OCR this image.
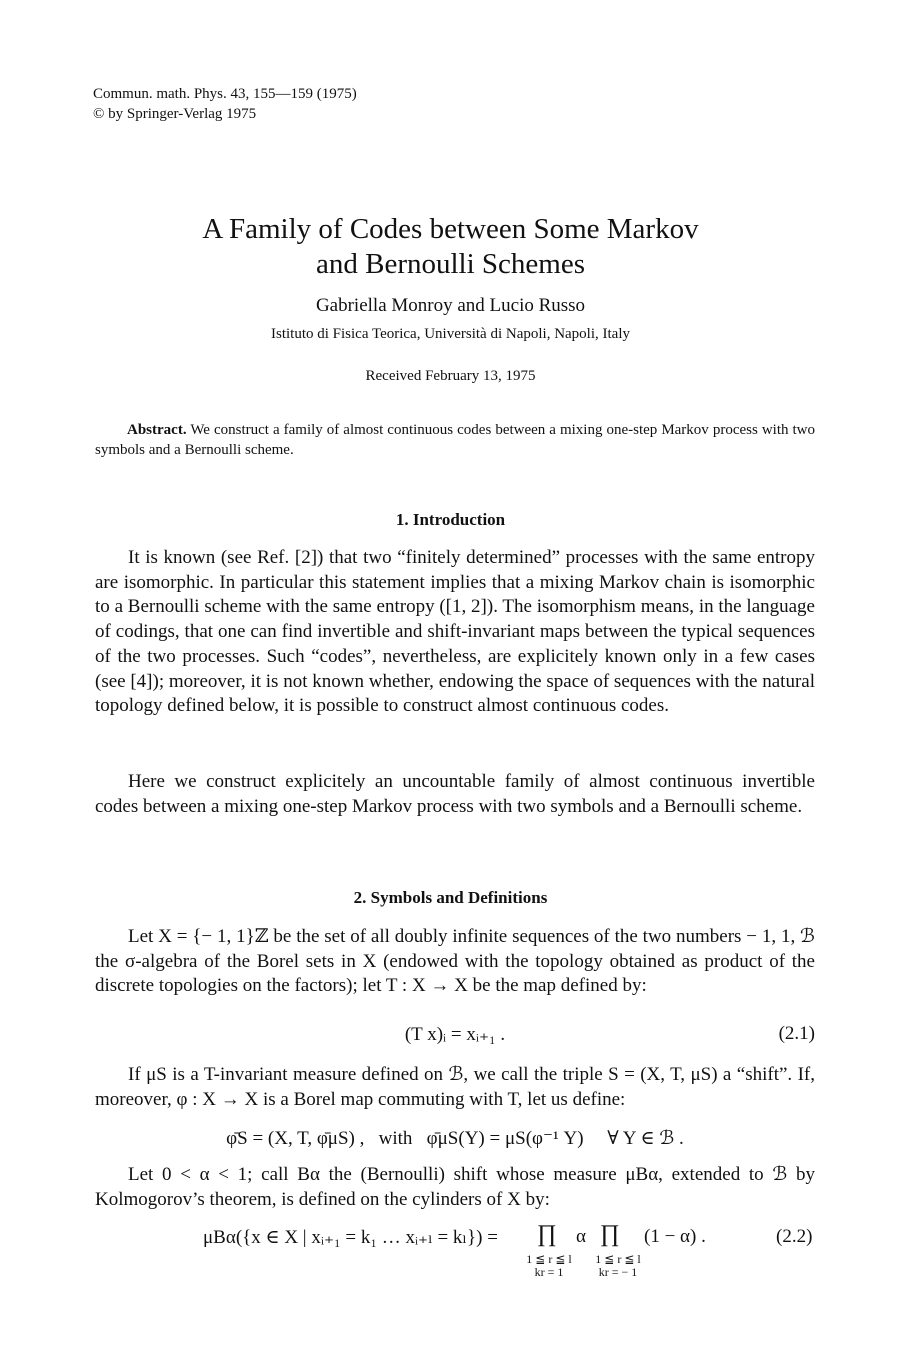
Commun. math. Phys. 43, 155—159 (1975)
© by Springer-Verlag 1975
A Family of Codes between Some Markov
and Bernoulli Schemes
Gabriella Monroy and Lucio Russo
Istituto di Fisica Teorica, Università di Napoli, Napoli, Italy
Received February 13, 1975
Abstract. We construct a family of almost continuous codes between a mixing one-step Markov process with two symbols and a Bernoulli scheme.
1. Introduction
It is known (see Ref. [2]) that two “finitely determined” processes with the same entropy are isomorphic. In particular this statement implies that a mixing Markov chain is isomorphic to a Bernoulli scheme with the same entropy ([1, 2]). The isomorphism means, in the language of codings, that one can find invertible and shift-invariant maps between the typical sequences of the two processes. Such “codes”, nevertheless, are explicitely known only in a few cases (see [4]); moreover, it is not known whether, endowing the space of sequences with the natural topology defined below, it is possible to construct almost continuous codes.
Here we construct explicitely an uncountable family of almost continuous invertible codes between a mixing one-step Markov process with two symbols and a Bernoulli scheme.
2. Symbols and Definitions
Let X = {− 1, 1}ℤ be the set of all doubly infinite sequences of the two numbers − 1, 1, ℬ the σ-algebra of the Borel sets in X (endowed with the topology obtained as product of the discrete topologies on the factors); let T : X → X be the map defined by:
(T x)ᵢ = xᵢ₊₁ .	(2.1)
If μS is a T-invariant measure defined on ℬ, we call the triple S = (X, T, μS) a “shift”. If, moreover, φ : X → X is a Borel map commuting with T, let us define:
φ̄S = (X, T, φ̄μS) ,   with   φ̄μS(Y) = μS(φ⁻¹ Y)     ∀ Y ∈ ℬ .
Let 0 < α < 1; call Bα the (Bernoulli) shift whose measure μBα, extended to ℬ by Kolmogorov’s theorem, is defined on the cylinders of X by:
μBα({x ∈ X | xᵢ₊₁ = k₁ … xᵢ₊ₗ = kₗ}) = ∏ α ∏ (1 − α) .
1 ≦ r ≦ l
kr = 1
1 ≦ r ≦ l
kr = − 1
(2.2)
